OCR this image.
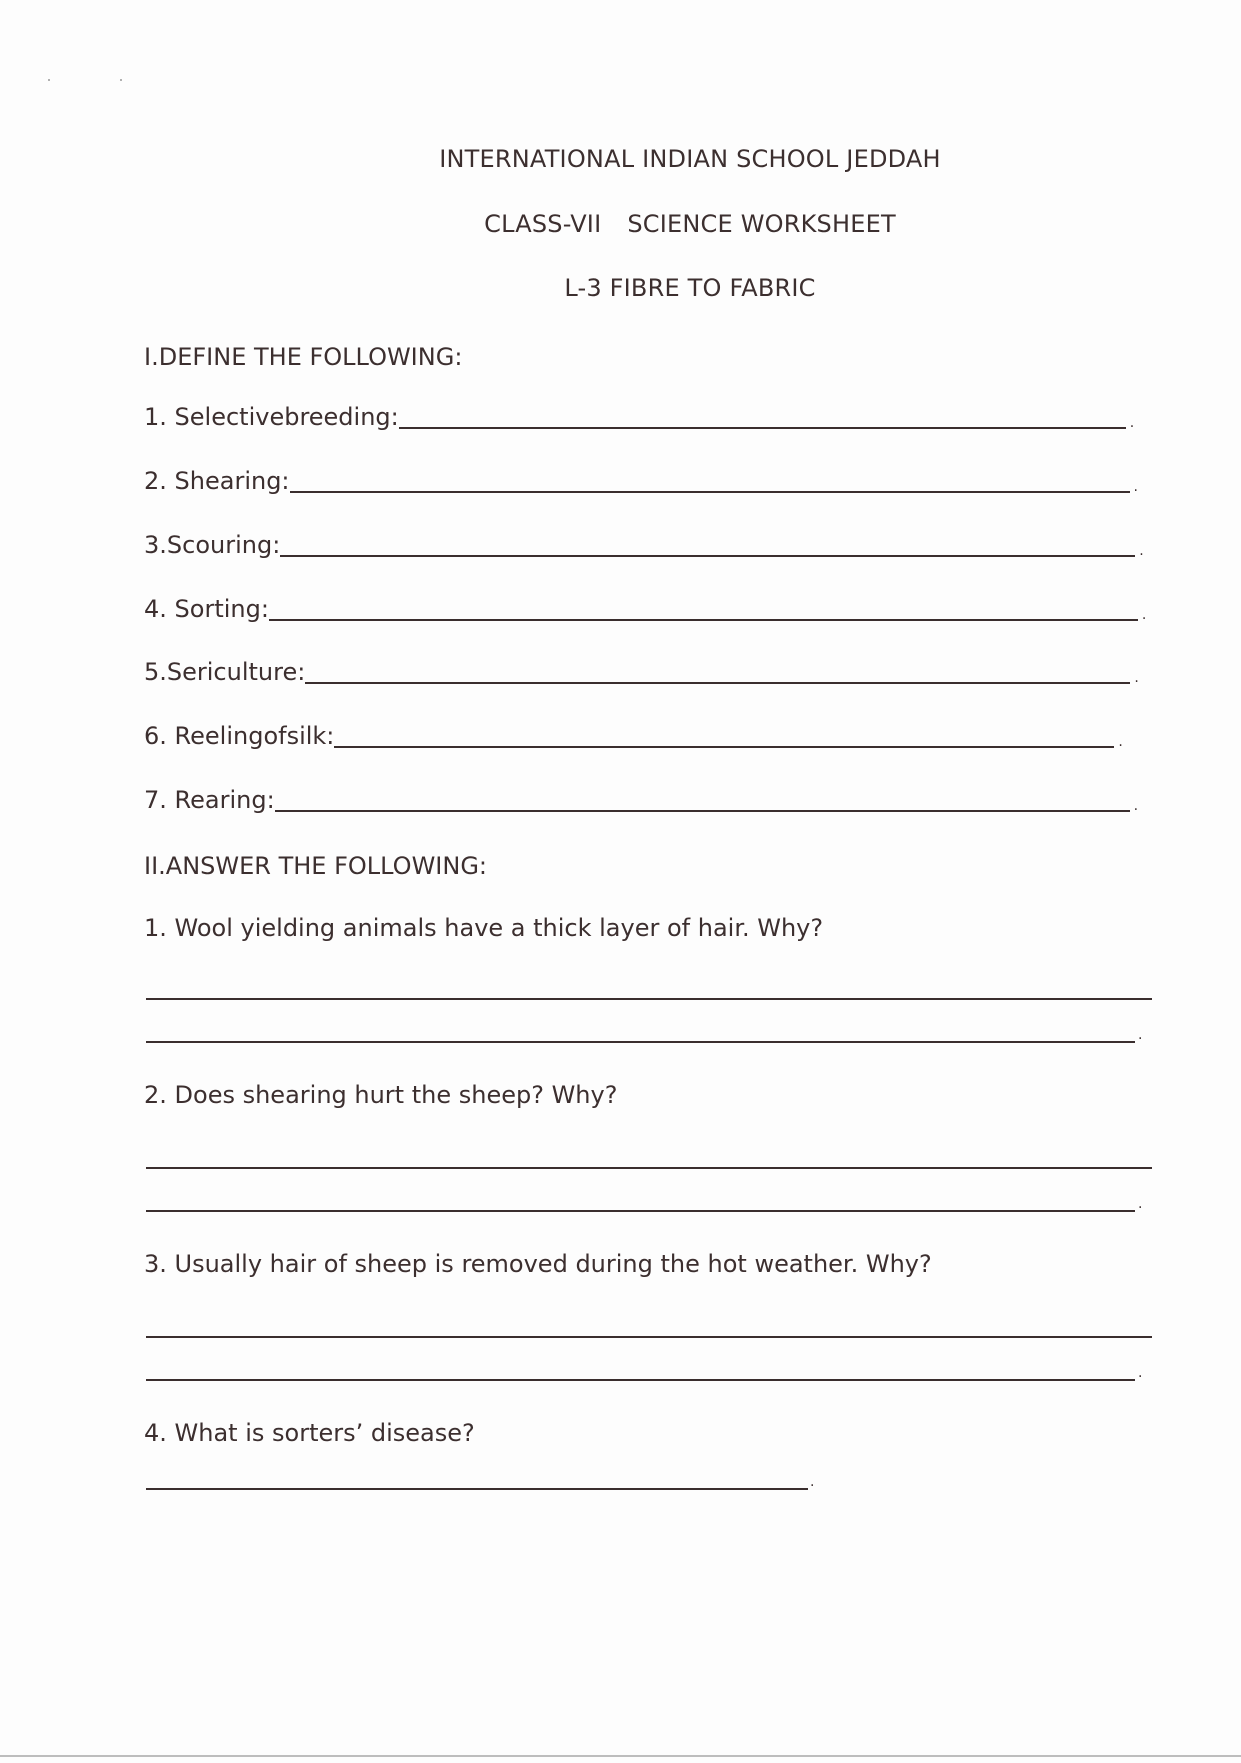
INTERNATIONAL INDIAN SCHOOL JEDDAH
CLASS-VII SCIENCE WORKSHEET
L-3 FIBRE TO FABRIC
I.DEFINE THE FOLLOWING:
1. Selectivebreeding:	.
2. Shearing:	.
3.Scouring:	.
4. Sorting:	.
5.Sericulture:	.
6. Reelingofsilk:	.
7. Rearing:	.
II.ANSWER THE FOLLOWING:
1. Wool yielding animals have a thick layer of hair. Why?
.
2. Does shearing hurt the sheep? Why?
.
3. Usually hair of sheep is removed during the hot weather. Why?
.
4. What is sorters’ disease?
.
